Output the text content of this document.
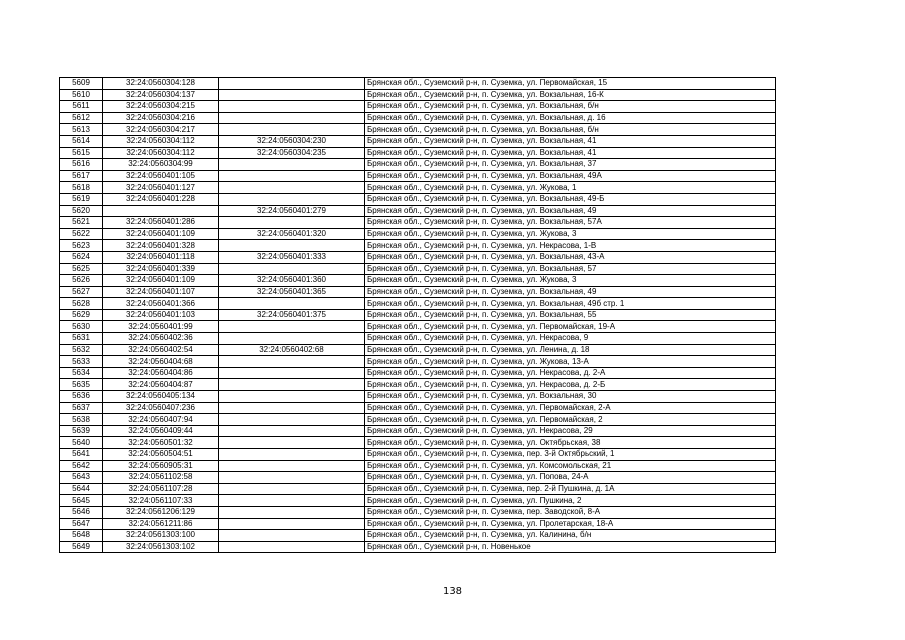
5609	32:24:0560304:128		Брянская обл., Суземский р-н, п. Суземка, ул. Первомайская, 15
5610	32:24:0560304:137		Брянская обл., Суземский р-н, п. Суземка, ул. Вокзальная, 16-К
5611	32:24:0560304:215		Брянская обл., Суземский р-н, п. Суземка, ул. Вокзальная, б/н
5612	32:24:0560304:216		Брянская обл., Суземский р-н, п. Суземка, ул. Вокзальная, д. 16
5613	32:24:0560304:217		Брянская обл., Суземский р-н, п. Суземка, ул. Вокзальная, б/н
5614	32:24:0560304:112	32:24:0560304:230	Брянская обл., Суземский р-н, п. Суземка, ул. Вокзальная, 41
5615	32:24:0560304:112	32:24:0560304:235	Брянская обл., Суземский р-н, п. Суземка, ул. Вокзальная, 41
5616	32:24:0560304:99		Брянская обл., Суземский р-н, п. Суземка, ул. Вокзальная, 37
5617	32:24:0560401:105		Брянская обл., Суземский р-н, п. Суземка, ул. Вокзальная, 49А
5618	32:24:0560401:127		Брянская обл., Суземский р-н, п. Суземка, ул. Жукова, 1
5619	32:24:0560401:228		Брянская обл., Суземский р-н, п. Суземка, ул. Вокзальная, 49-Б
5620		32:24:0560401:279	Брянская обл., Суземский р-н, п. Суземка, ул. Вокзальная, 49
5621	32:24:0560401:286		Брянская обл., Суземский р-н, п. Суземка, ул. Вокзальная, 57А
5622	32:24:0560401:109	32:24:0560401:320	Брянская обл., Суземский р-н, п. Суземка, ул. Жукова, 3
5623	32:24:0560401:328		Брянская обл., Суземский р-н, п. Суземка, ул. Некрасова, 1-В
5624	32:24:0560401:118	32:24:0560401:333	Брянская обл., Суземский р-н, п. Суземка, ул. Вокзальная, 43-А
5625	32:24:0560401:339		Брянская обл., Суземский р-н, п. Суземка, ул. Вокзальная, 57
5626	32:24:0560401:109	32:24:0560401:360	Брянская обл., Суземский р-н, п. Суземка, ул. Жукова, 3
5627	32:24:0560401:107	32:24:0560401:365	Брянская обл., Суземский р-н, п. Суземка, ул. Вокзальная, 49
5628	32:24:0560401:366		Брянская обл., Суземский р-н, п. Суземка, ул. Вокзальная, 49б стр. 1
5629	32:24:0560401:103	32:24:0560401:375	Брянская обл., Суземский р-н, п. Суземка, ул. Вокзальная, 55
5630	32:24:0560401:99		Брянская обл., Суземский р-н, п. Суземка, ул. Первомайская, 19-А
5631	32:24:0560402:36		Брянская обл., Суземский р-н, п. Суземка, ул. Некрасова, 9
5632	32:24:0560402:54	32:24:0560402:68	Брянская обл., Суземский р-н, п. Суземка, ул. Ленина, д. 18
5633	32:24:0560404:68		Брянская обл., Суземский р-н, п. Суземка, ул. Жукова, 13-А
5634	32:24:0560404:86		Брянская обл., Суземский р-н, п. Суземка, ул. Некрасова, д. 2-А
5635	32:24:0560404:87		Брянская обл., Суземский р-н, п. Суземка, ул. Некрасова, д. 2-Б
5636	32:24:0560405:134		Брянская обл., Суземский р-н, п. Суземка, ул. Вокзальная, 30
5637	32:24:0560407:236		Брянская обл., Суземский р-н, п. Суземка, ул. Первомайская, 2-А
5638	32:24:0560407:94		Брянская обл., Суземский р-н, п. Суземка, ул. Первомайская, 2
5639	32:24:0560409:44		Брянская обл., Суземский р-н, п. Суземка, ул. Некрасова, 29
5640	32:24:0560501:32		Брянская обл., Суземский р-н, п. Суземка, ул. Октябрьская, 38
5641	32:24:0560504:51		Брянская обл., Суземский р-н, п. Суземка, пер. 3-й Октябрьский, 1
5642	32:24:0560905:31		Брянская обл., Суземский р-н, п. Суземка, ул. Комсомольская, 21
5643	32:24:0561102:58		Брянская обл., Суземский р-н, п. Суземка, ул. Попова, 24-А
5644	32:24:0561107:28		Брянская обл., Суземский р-н, п. Суземка, пер. 2-й Пушкина, д. 1А
5645	32:24:0561107:33		Брянская обл., Суземский р-н, п. Суземка, ул. Пушкина, 2
5646	32:24:0561206:129		Брянская обл., Суземский р-н, п. Суземка, пер. Заводской, 8-А
5647	32:24:0561211:86		Брянская обл., Суземский р-н, п. Суземка, ул. Пролетарская, 18-А
5648	32:24:0561303:100		Брянская обл., Суземский р-н, п. Суземка, ул. Калинина, б/н
5649	32:24:0561303:102		Брянская обл., Суземский р-н, п. Новенькое
138
